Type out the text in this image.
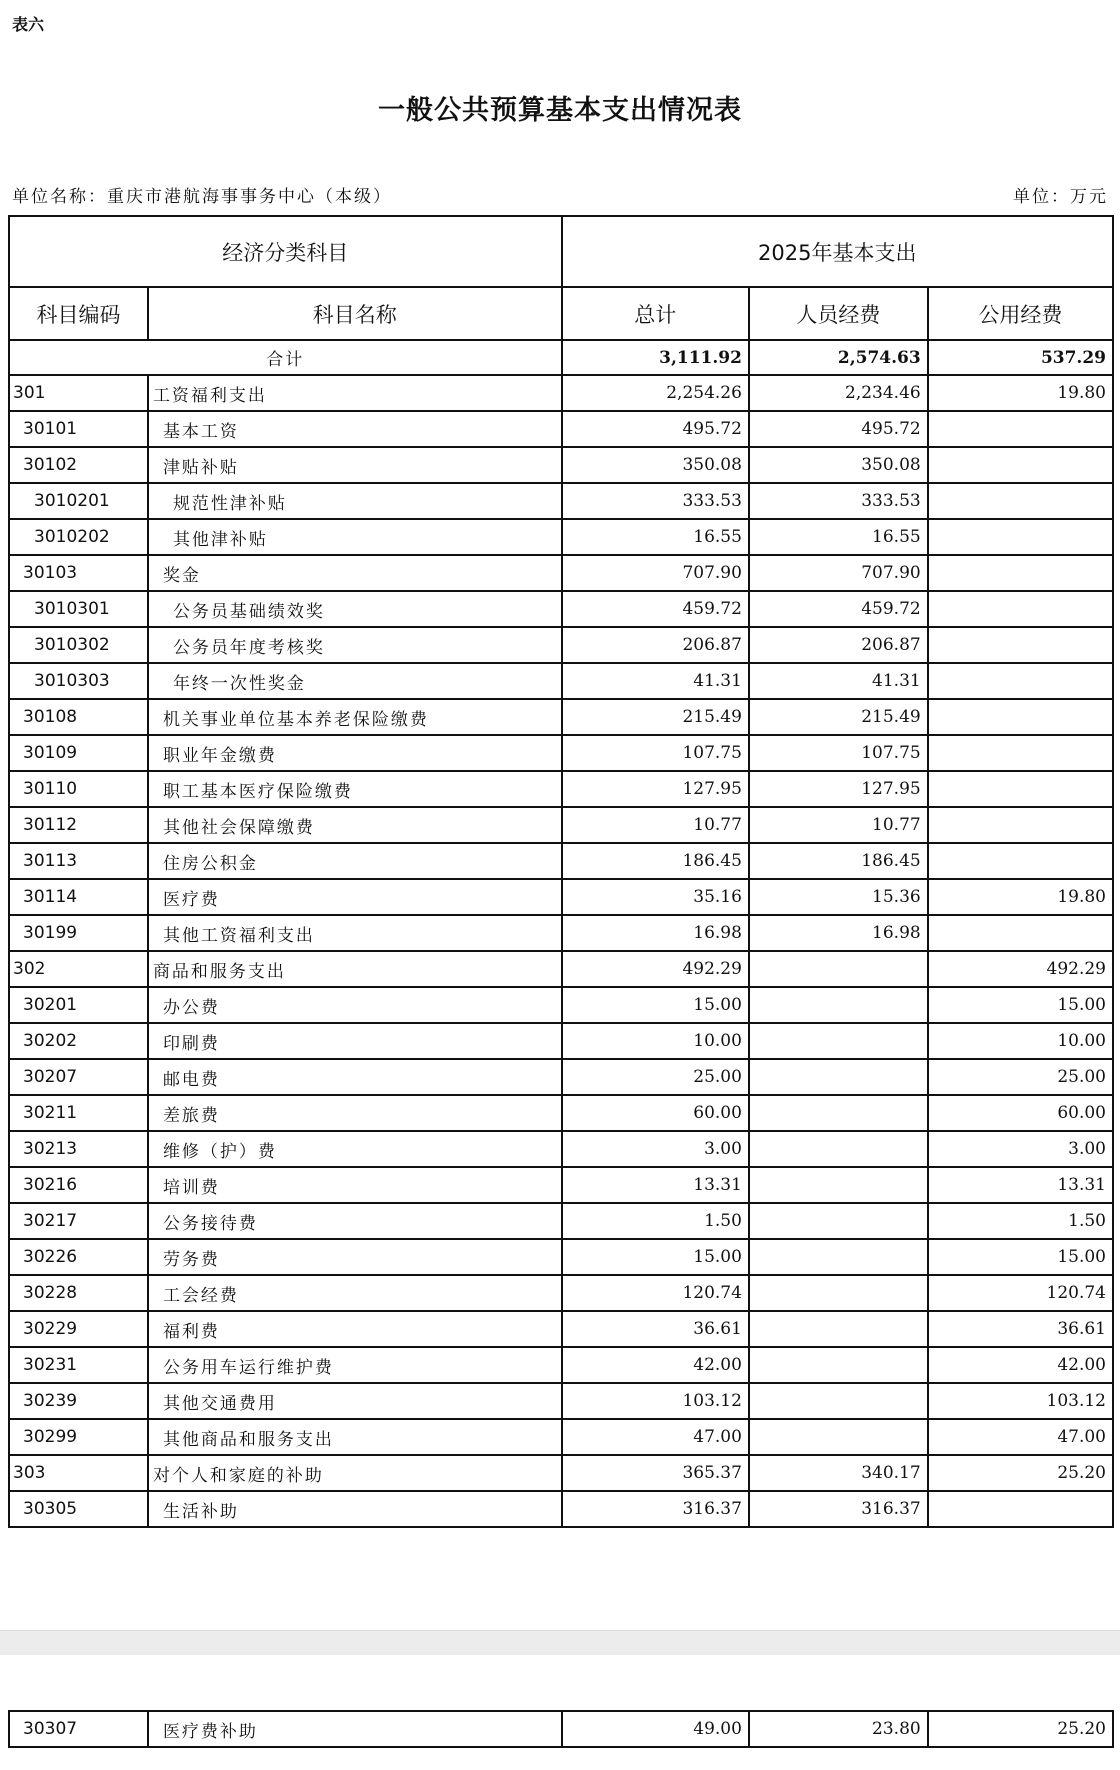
表六
一般公共预算基本支出情况表
单位名称：重庆市港航海事事务中心（本级）	单位：万元
经济分类科目		2025年基本支出		
科目编码	科目名称	总计	人员经费	公用经费
合计		3,111.92	2,574.63	537.29
301	工资福利支出	2,254.26	2,234.46	19.80
30101	基本工资	495.72	495.72	
30102	津贴补贴	350.08	350.08	
3010201	规范性津补贴	333.53	333.53	
3010202	其他津补贴	16.55	16.55	
30103	奖金	707.90	707.90	
3010301	公务员基础绩效奖	459.72	459.72	
3010302	公务员年度考核奖	206.87	206.87	
3010303	年终一次性奖金	41.31	41.31	
30108	机关事业单位基本养老保险缴费	215.49	215.49	
30109	职业年金缴费	107.75	107.75	
30110	职工基本医疗保险缴费	127.95	127.95	
30112	其他社会保障缴费	10.77	10.77	
30113	住房公积金	186.45	186.45	
30114	医疗费	35.16	15.36	19.80
30199	其他工资福利支出	16.98	16.98	
302	商品和服务支出	492.29		492.29
30201	办公费	15.00		15.00
30202	印刷费	10.00		10.00
30207	邮电费	25.00		25.00
30211	差旅费	60.00		60.00
30213	维修（护）费	3.00		3.00
30216	培训费	13.31		13.31
30217	公务接待费	1.50		1.50
30226	劳务费	15.00		15.00
30228	工会经费	120.74		120.74
30229	福利费	36.61		36.61
30231	公务用车运行维护费	42.00		42.00
30239	其他交通费用	103.12		103.12
30299	其他商品和服务支出	47.00		47.00
303	对个人和家庭的补助	365.37	340.17	25.20
30305	生活补助	316.37	316.37	
30307	医疗费补助	49.00	23.80	25.20
